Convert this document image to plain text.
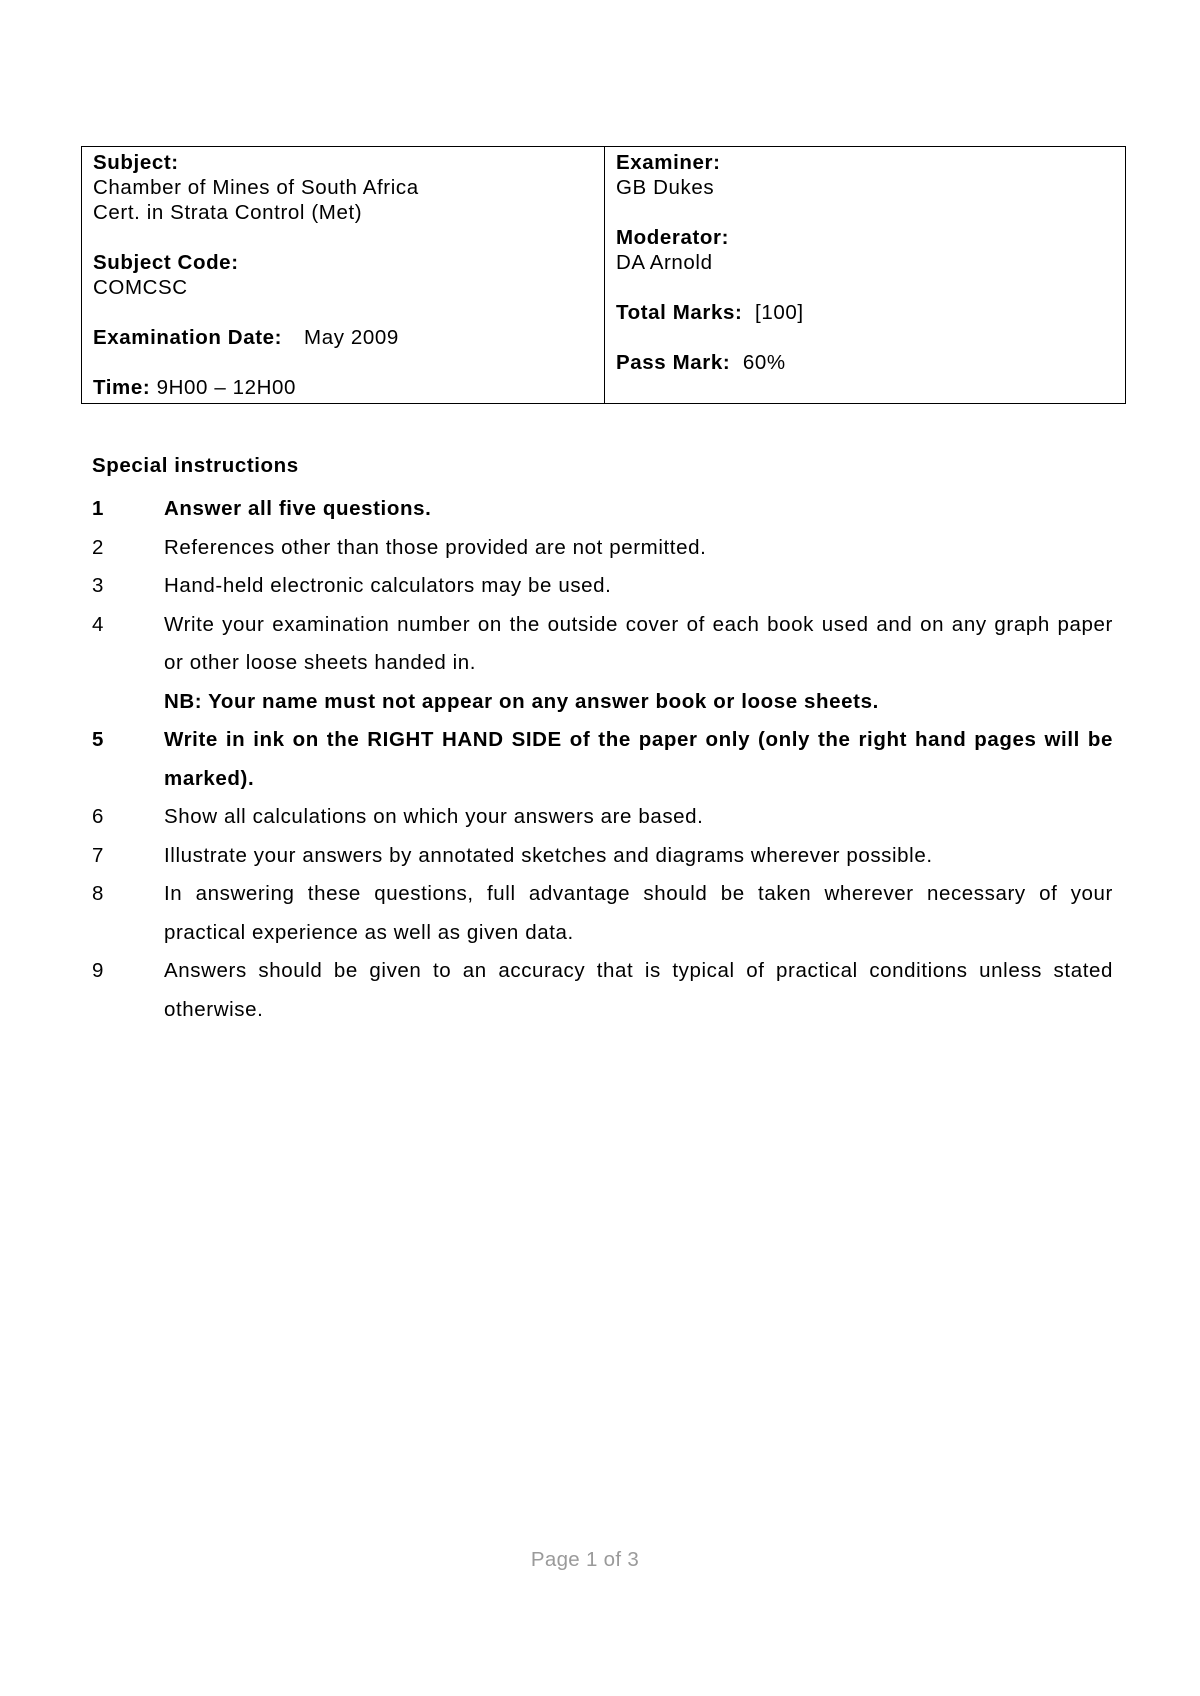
Subject:
Chamber of Mines of South Africa
Cert. in Strata Control (Met)
Subject Code:
COMCSC
Examination Date: May 2009
Time: 9H00 – 12H00
Examiner:
GB Dukes
Moderator:
DA Arnold
Total Marks: [100]
Pass Mark: 60%
Special instructions
1	Answer all five questions.
2	References other than those provided are not permitted.
3	Hand-held electronic calculators may be used.
4	Write your examination number on the outside cover of each book used and on any graph paper or other loose sheets handed in.
NB: Your name must not appear on any answer book or loose sheets.
5	Write in ink on the RIGHT HAND SIDE of the paper only (only the right hand pages will be marked).
6	Show all calculations on which your answers are based.
7	Illustrate your answers by annotated sketches and diagrams wherever possible.
8	In answering these questions, full advantage should be taken wherever necessary of your practical experience as well as given data.
9	Answers should be given to an accuracy that is typical of practical conditions unless stated otherwise.
Page 1 of 3
